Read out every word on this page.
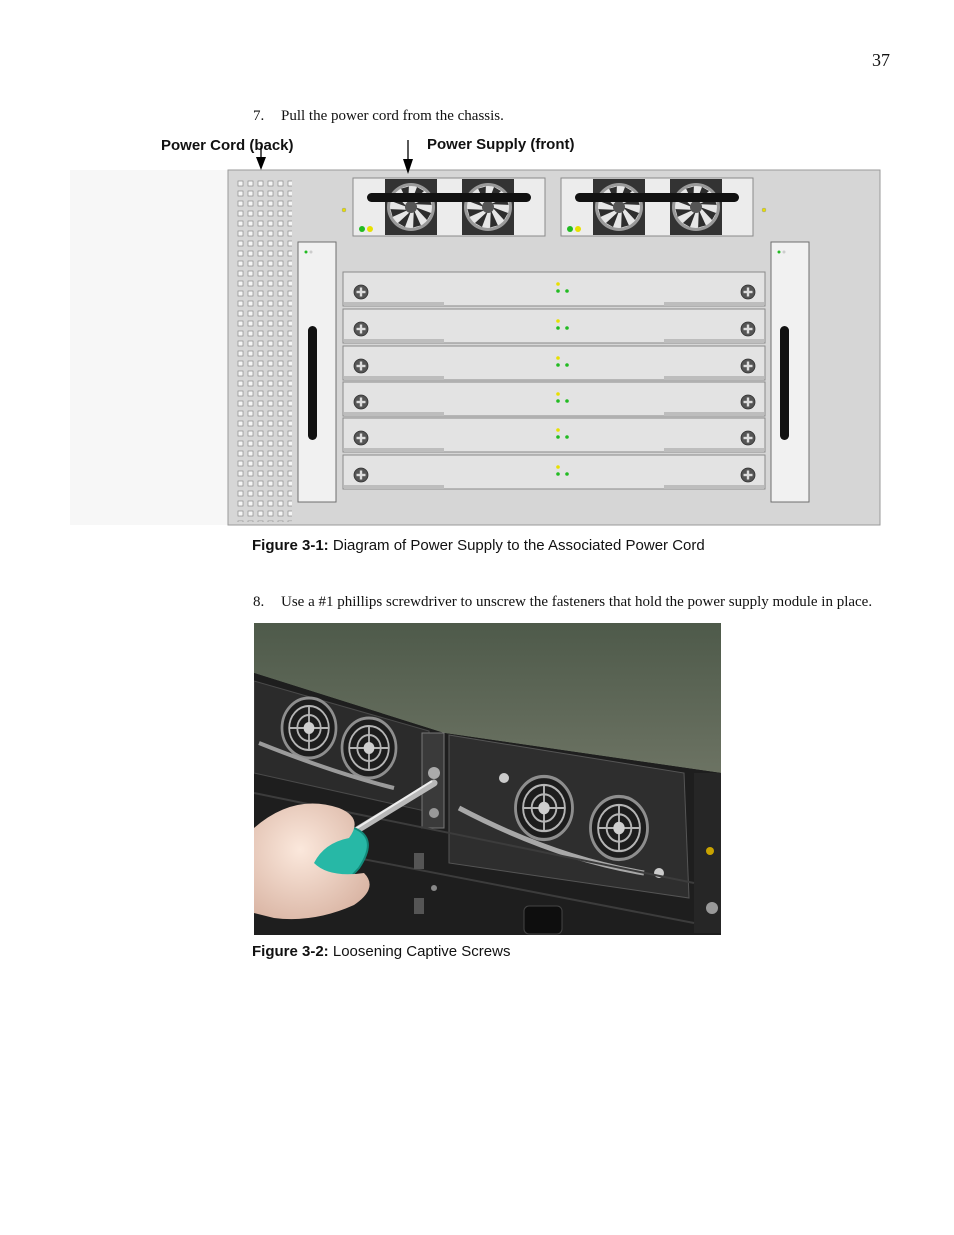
37
7. Pull the power cord from the chassis.
Power Cord (back)	Power Supply (front)
Figure 3-1: Diagram of Power Supply to the Associated Power Cord
8. Use a #1 phillips screwdriver to unscrew the fasteners that hold the power supply module in place.
Figure 3-2: Loosening Captive Screws
